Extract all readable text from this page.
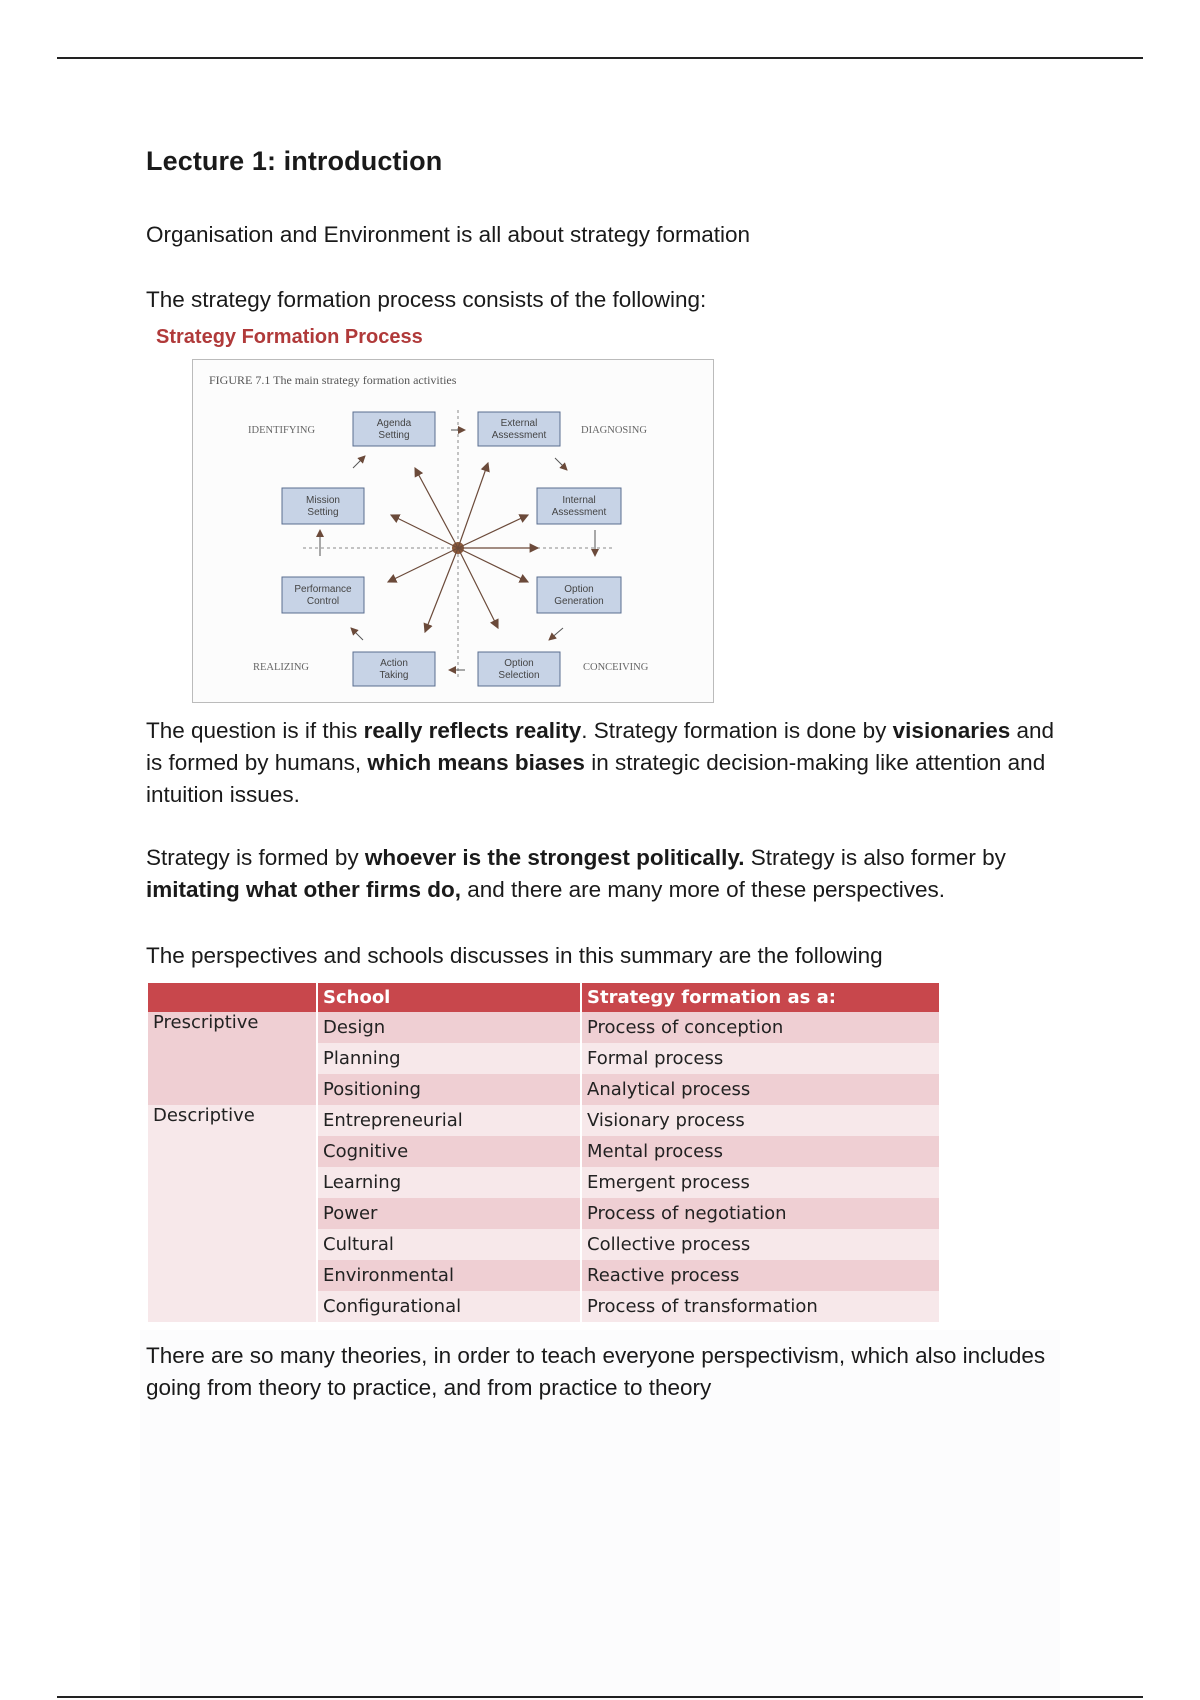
Lecture 1: introduction

Organisation and Environment is all about strategy formation

The strategy formation process consists of the following:

Strategy Formation Process

FIGURE 7.1 The main strategy formation activities
IDENTIFYING	DIAGNOSING
REALIZING	CONCEIVING
Agenda
Setting
External
Assessment
Mission
Setting
Internal
Assessment
Performance
Control
Option
Generation
Action
Taking
Option
Selection

The question is if this really reflects reality. Strategy formation is done by visionaries and is formed by humans, which means biases in strategic decision-making like attention and intuition issues.

Strategy is formed by whoever is the strongest politically. Strategy is also former by imitating what other firms do, and there are many more of these perspectives.

The perspectives and schools discusses in this summary are the following

	School	Strategy formation as a:
Prescriptive	Design	Process of conception
	Planning	Formal process
	Positioning	Analytical process
Descriptive	Entrepreneurial	Visionary process
	Cognitive	Mental process
	Learning	Emergent process
	Power	Process of negotiation
	Cultural	Collective process
	Environmental	Reactive process
	Configurational	Process of transformation

There are so many theories, in order to teach everyone perspectivism, which also includes going from theory to practice, and from practice to theory
